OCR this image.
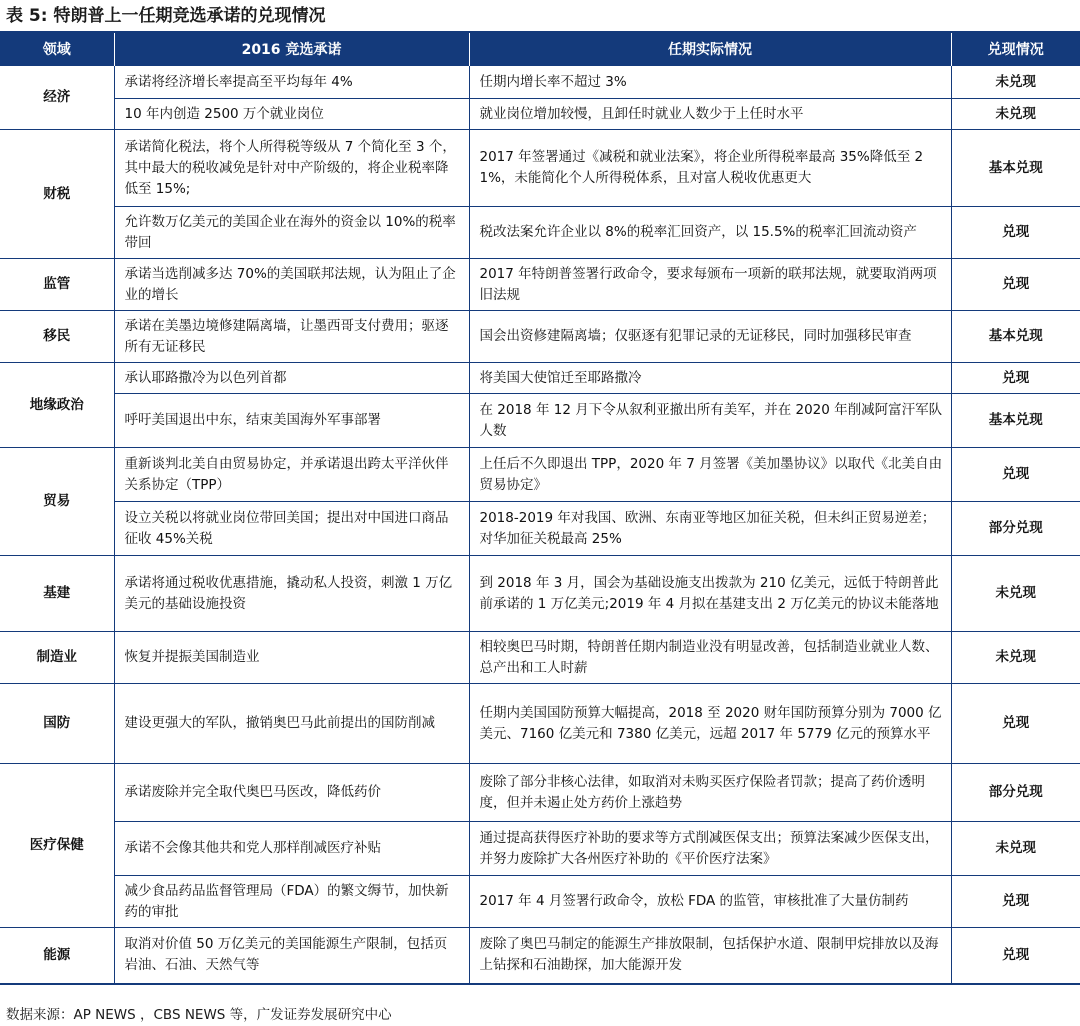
表 5: 特朗普上一任期竞选承诺的兑现情况
领域	2016 竞选承诺	任期实际情况	兑现情况
经济	承诺将经济增长率提高至平均每年 4%	任期内增长率不超过 3%	未兑现
	10 年内创造 2500 万个就业岗位	就业岗位增加较慢，且卸任时就业人数少于上任时水平	未兑现
财税	承诺简化税法，将个人所得税等级从 7 个简化至 3 个，其中最大的税收减免是针对中产阶级的，将企业税率降低至 15%;	2017 年签署通过《减税和就业法案》，将企业所得税率最高 35%降低至 21%，未能简化个人所得税体系，且对富人税收优惠更大	基本兑现
	允许数万亿美元的美国企业在海外的资金以 10%的税率带回	税改法案允许企业以 8%的税率汇回资产，以 15.5%的税率汇回流动资产	兑现
监管	承诺当选削减多达 70%的美国联邦法规，认为阻止了企业的增长	2017 年特朗普签署行政命令，要求每颁布一项新的联邦法规，就要取消两项旧法规	兑现
移民	承诺在美墨边境修建隔离墙，让墨西哥支付费用；驱逐所有无证移民	国会出资修建隔离墙；仅驱逐有犯罪记录的无证移民，同时加强移民审查	基本兑现
地缘政治	承认耶路撒冷为以色列首都	将美国大使馆迁至耶路撒冷	兑现
	呼吁美国退出中东，结束美国海外军事部署	在 2018 年 12 月下令从叙利亚撤出所有美军，并在 2020 年削减阿富汗军队人数	基本兑现
贸易	重新谈判北美自由贸易协定，并承诺退出跨太平洋伙伴关系协定（TPP）	上任后不久即退出 TPP，2020 年 7 月签署《美加墨协议》以取代《北美自由贸易协定》	兑现
	设立关税以将就业岗位带回美国；提出对中国进口商品征收 45%关税	2018-2019 年对我国、欧洲、东南亚等地区加征关税，但未纠正贸易逆差；对华加征关税最高 25%	部分兑现
基建	承诺将通过税收优惠措施，撬动私人投资，刺激 1 万亿美元的基础设施投资	到 2018 年 3 月，国会为基础设施支出拨款为 210 亿美元，远低于特朗普此前承诺的 1 万亿美元;2019 年 4 月拟在基建支出 2 万亿美元的协议未能落地	未兑现
制造业	恢复并提振美国制造业	相较奥巴马时期，特朗普任期内制造业没有明显改善，包括制造业就业人数、总产出和工人时薪	未兑现
国防	建设更强大的军队，撤销奥巴马此前提出的国防削减	任期内美国国防预算大幅提高，2018 至 2020 财年国防预算分别为 7000 亿美元、7160 亿美元和 7380 亿美元，远超 2017 年 5779 亿元的预算水平	兑现
医疗保健	承诺废除并完全取代奥巴马医改，降低药价	废除了部分非核心法律，如取消对未购买医疗保险者罚款；提高了药价透明度，但并未遏止处方药价上涨趋势	部分兑现
	承诺不会像其他共和党人那样削减医疗补贴	通过提高获得医疗补助的要求等方式削减医保支出；预算法案减少医保支出，并努力废除扩大各州医疗补助的《平价医疗法案》	未兑现
	减少食品药品监督管理局（FDA）的繁文缛节，加快新药的审批	2017 年 4 月签署行政命令，放松 FDA 的监管，审核批准了大量仿制药	兑现
能源	取消对价值 50 万亿美元的美国能源生产限制，包括页岩油、石油、天然气等	废除了奥巴马制定的能源生产排放限制，包括保护水道、限制甲烷排放以及海上钻探和石油勘探，加大能源开发	兑现
数据来源：AP NEWS ，CBS NEWS 等，广发证券发展研究中心
